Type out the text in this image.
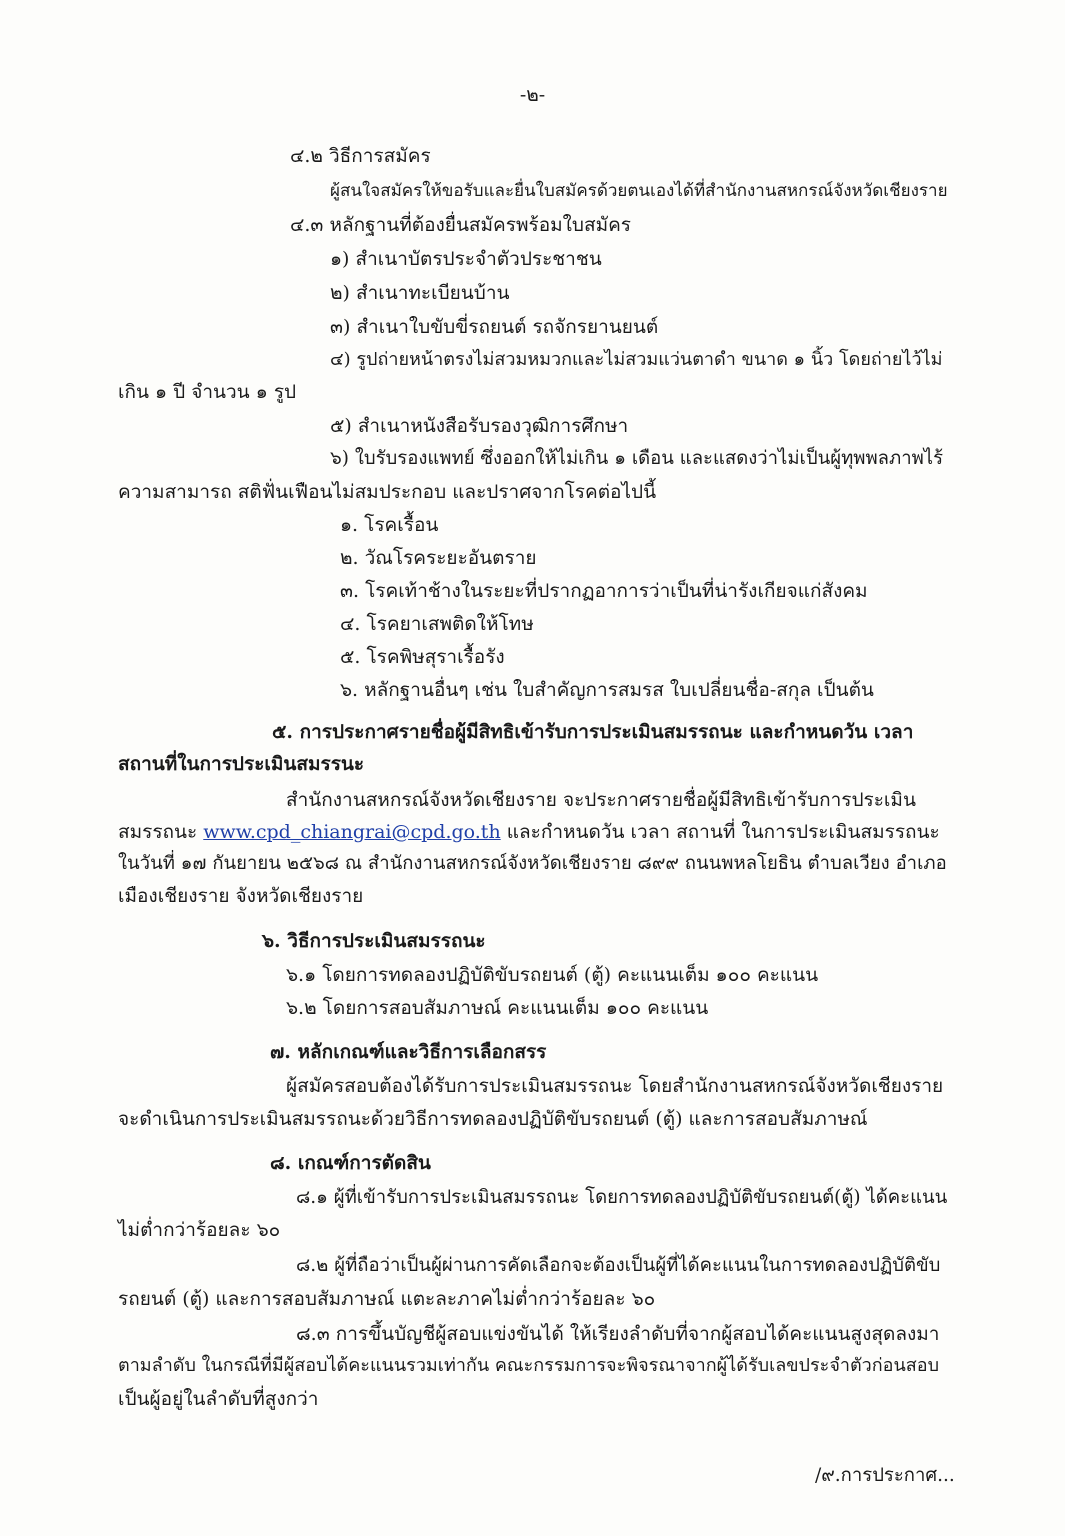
-๒-
๔.๒ วิธีการสมัคร
ผู้สนใจสมัครให้ขอรับและยื่นใบสมัครด้วยตนเองได้ที่สำนักงานสหกรณ์จังหวัดเชียงราย
๔.๓ หลักฐานที่ต้องยื่นสมัครพร้อมใบสมัคร
๑) สำเนาบัตรประจำตัวประชาชน
๒) สำเนาทะเบียนบ้าน
๓) สำเนาใบขับขี่รถยนต์ รถจักรยานยนต์
๔) รูปถ่ายหน้าตรงไม่สวมหมวกและไม่สวมแว่นตาดำ ขนาด ๑ นิ้ว โดยถ่ายไว้ไม่
เกิน ๑ ปี จำนวน ๑ รูป
๕) สำเนาหนังสือรับรองวุฒิการศึกษา
๖) ใบรับรองแพทย์ ซึ่งออกให้ไม่เกิน ๑ เดือน และแสดงว่าไม่เป็นผู้ทุพพลภาพไร้
ความสามารถ สติฟั่นเฟือนไม่สมประกอบ และปราศจากโรคต่อไปนี้
๑. โรคเรื้อน
๒. วัณโรคระยะอันตราย
๓. โรคเท้าช้างในระยะที่ปรากฏอาการว่าเป็นที่น่ารังเกียจแก่สังคม
๔. โรคยาเสพติดให้โทษ
๕. โรคพิษสุราเรื้อรัง
๖. หลักฐานอื่นๆ เช่น ใบสำคัญการสมรส ใบเปลี่ยนชื่อ-สกุล เป็นต้น
๕. การประกาศรายชื่อผู้มีสิทธิเข้ารับการประเมินสมรรถนะ และกำหนดวัน เวลา
สถานที่ในการประเมินสมรรนะ
สำนักงานสหกรณ์จังหวัดเชียงราย จะประกาศรายชื่อผู้มีสิทธิเข้ารับการประเมิน
สมรรถนะ www.cpd_chiangrai@cpd.go.th และกำหนดวัน เวลา สถานที่ ในการประเมินสมรรถนะ
ในวันที่ ๑๗ กันยายน ๒๕๖๘ ณ สำนักงานสหกรณ์จังหวัดเชียงราย ๘๙๙ ถนนพหลโยธิน ตำบลเวียง อำเภอ
เมืองเชียงราย จังหวัดเชียงราย
๖. วิธีการประเมินสมรรถนะ
๖.๑ โดยการทดลองปฏิบัติขับรถยนต์ (ตู้) คะแนนเต็ม ๑๐๐ คะแนน
๖.๒ โดยการสอบสัมภาษณ์ คะแนนเต็ม ๑๐๐ คะแนน
๗. หลักเกณฑ์และวิธีการเลือกสรร
ผู้สมัครสอบต้องได้รับการประเมินสมรรถนะ โดยสำนักงานสหกรณ์จังหวัดเชียงราย
จะดำเนินการประเมินสมรรถนะด้วยวิธีการทดลองปฏิบัติขับรถยนต์ (ตู้) และการสอบสัมภาษณ์
๘. เกณฑ์การตัดสิน
๘.๑ ผู้ที่เข้ารับการประเมินสมรรถนะ โดยการทดลองปฏิบัติขับรถยนต์(ตู้) ได้คะแนน
ไม่ต่ำกว่าร้อยละ ๖๐
๘.๒ ผู้ที่ถือว่าเป็นผู้ผ่านการคัดเลือกจะต้องเป็นผู้ที่ได้คะแนนในการทดลองปฏิบัติขับ
รถยนต์ (ตู้) และการสอบสัมภาษณ์ แตะละภาคไม่ต่ำกว่าร้อยละ ๖๐
๘.๓ การขึ้นบัญชีผู้สอบแข่งขันได้ ให้เรียงลำดับที่จากผู้สอบได้คะแนนสูงสุดลงมา
ตามลำดับ ในกรณีที่มีผู้สอบได้คะแนนรวมเท่ากัน คณะกรรมการจะพิจรณาจากผู้ได้รับเลขประจำตัวก่อนสอบ
เป็นผู้อยู่ในลำดับที่สูงกว่า
/๙.การประกาศ...
